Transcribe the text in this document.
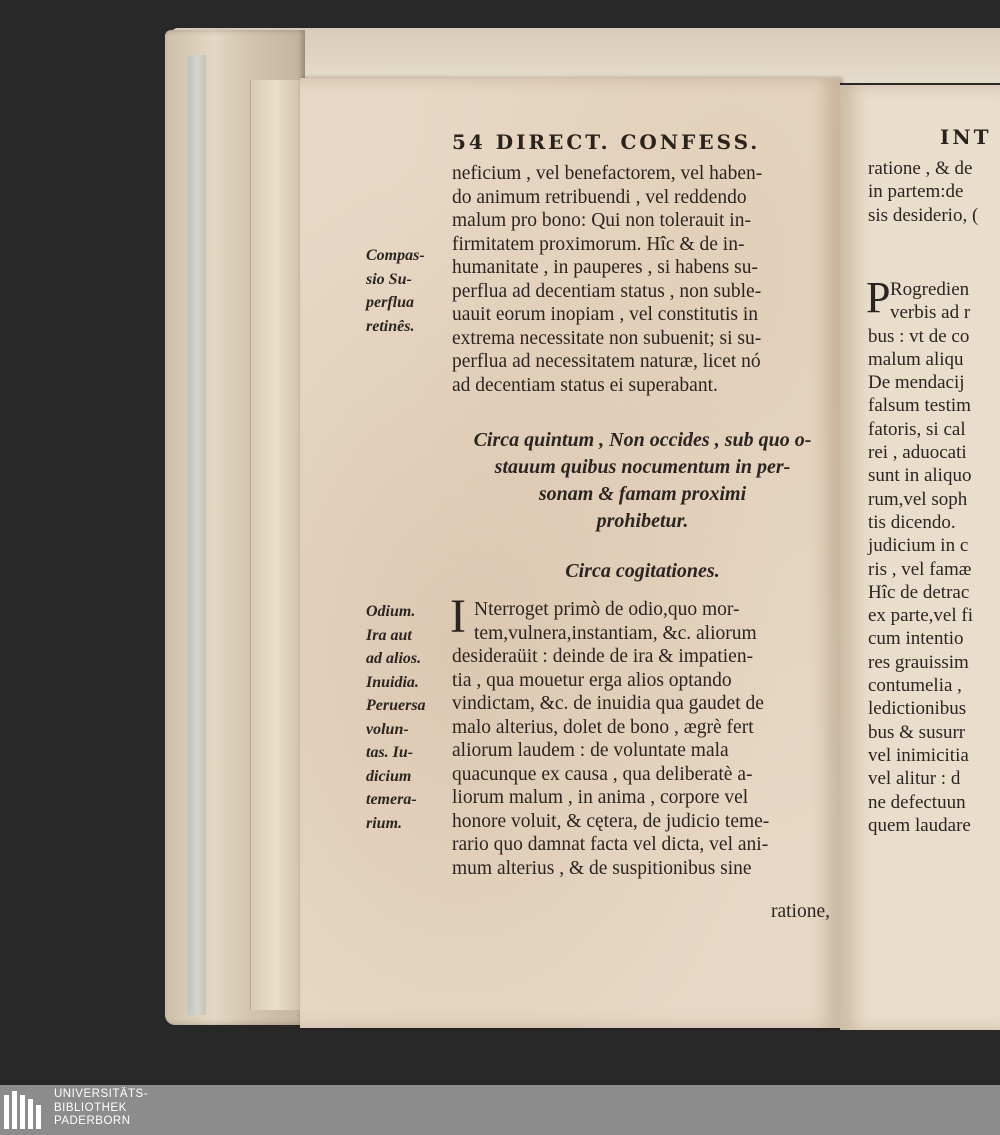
54 DIRECT. CONFESS.
neficium , vel benefactorem, vel haben-
do animum retribuendi , vel reddendo
malum pro bono: Qui non tolerauit in-
firmitatem proximorum. Hîc & de in-
humanitate , in pauperes , si habens su-
perflua ad decentiam status , non suble-
uauit eorum inopiam , vel constitutis in
extrema necessitate non subuenit; si su-
perflua ad necessitatem naturæ, licet nó
ad decentiam status ei superabant.
Compas-
sio Su-
perflua
retinês.
Circa quintum , Non occides , sub quo o-
stauum quibus nocumentum in per-
sonam & famam proximi
prohibetur.
Circa cogitationes.
I Nterroget primò de odio,quo mor-
tem,vulnera,instantiam, &c. aliorum
desideraüit : deinde de ira & impatien-
tia , qua mouetur erga alios optando
vindictam, &c. de inuidia qua gaudet de
malo alterius, dolet de bono , ægrè fert
aliorum laudem : de voluntate mala
quacunque ex causa , qua deliberatè a-
liorum malum , in anima , corpore vel
honore voluit, & cętera, de judicio teme-
rario quo damnat facta vel dicta, vel ani-
mum alterius , & de suspitionibus sine
ratione,
Odium.
Ira aut
ad alios.
Inuidia.
Peruersa
volun-
tas. Iu-
dicium
temera-
rium.
INT
ratione , & de
in partem:de
sis desiderio, (
P Rogredien
verbis ad r
bus : vt de co
malum aliqu
De mendacij
falsum testim
fatoris, si cal
rei , aduocati
sunt in aliquo
rum,vel soph
tis dicendo.
judicium in c
ris , vel famæ
Hîc de detrac
ex parte,vel fi
cum intentio
res grauissim
contumelia ,
ledictionibus
bus & susurr
vel inimicitia
vel alitur : d
ne defectuun
quem laudare
UNIVERSITÄTS-
BIBLIOTHEK
PADERBORN
